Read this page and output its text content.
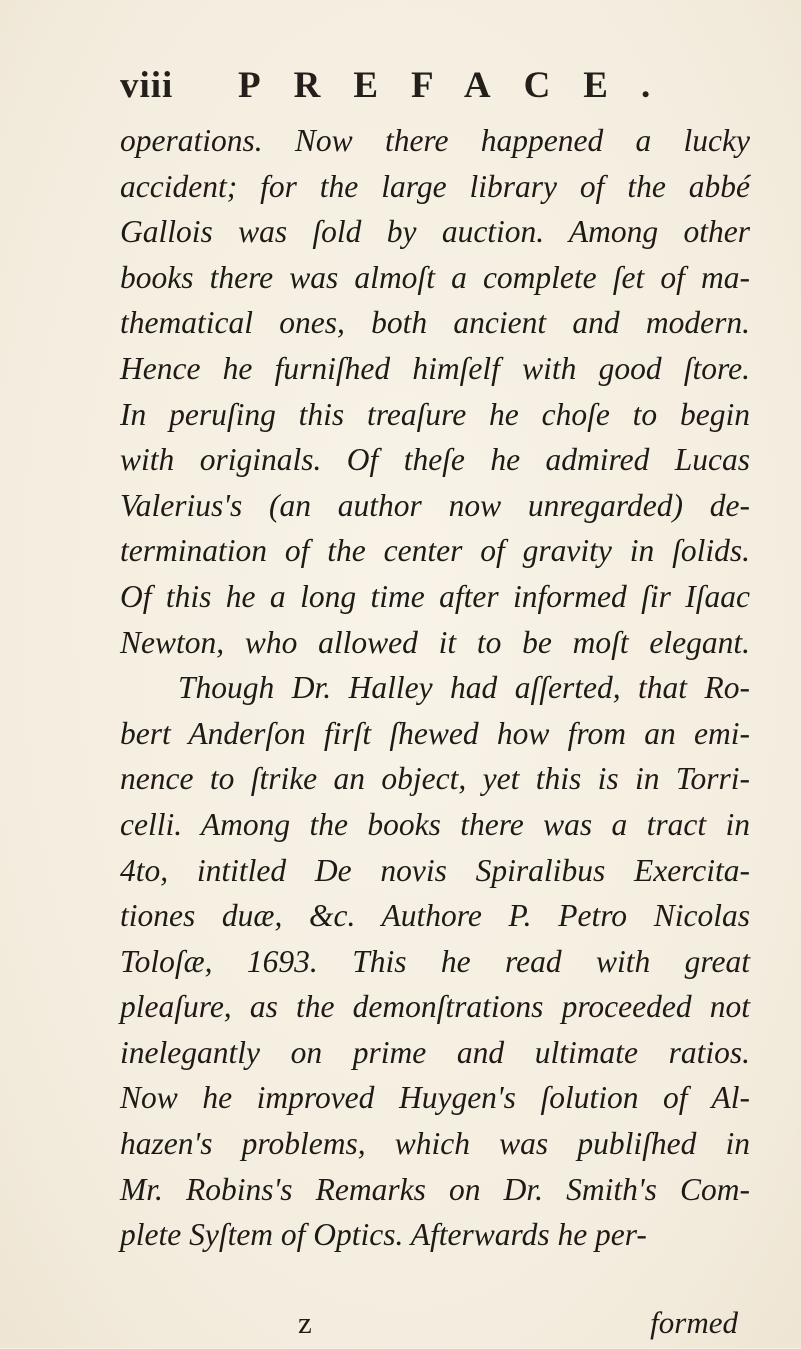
viii PREFACE.
operations. Now there happened a lucky
accident; for the large library of the abbé
Gallois was ſold by auction. Among other
books there was almoſt a complete ſet of ma-
thematical ones, both ancient and modern.
Hence he furniſhed himſelf with good ſtore.
In peruſing this treaſure he choſe to begin
with originals. Of theſe he admired Lucas
Valerius's (an author now unregarded) de-
termination of the center of gravity in ſolids.
Of this he a long time after informed ſir Iſaac
Newton, who allowed it to be moſt elegant.
Though Dr. Halley had aſſerted, that Ro-
bert Anderſon firſt ſhewed how from an emi-
nence to ſtrike an object, yet this is in Torri-
celli. Among the books there was a tract in
4to, intitled De novis Spiralibus Exercita-
tiones duæ, &c. Authore P. Petro Nicolas
Toloſæ, 1693. This he read with great
pleaſure, as the demonſtrations proceeded not
inelegantly on prime and ultimate ratios.
Now he improved Huygen's ſolution of Al-
hazen's problems, which was publiſhed in
Mr. Robins's Remarks on Dr. Smith's Com-
plete Syſtem of Optics. Afterwards he per-
z	formed
